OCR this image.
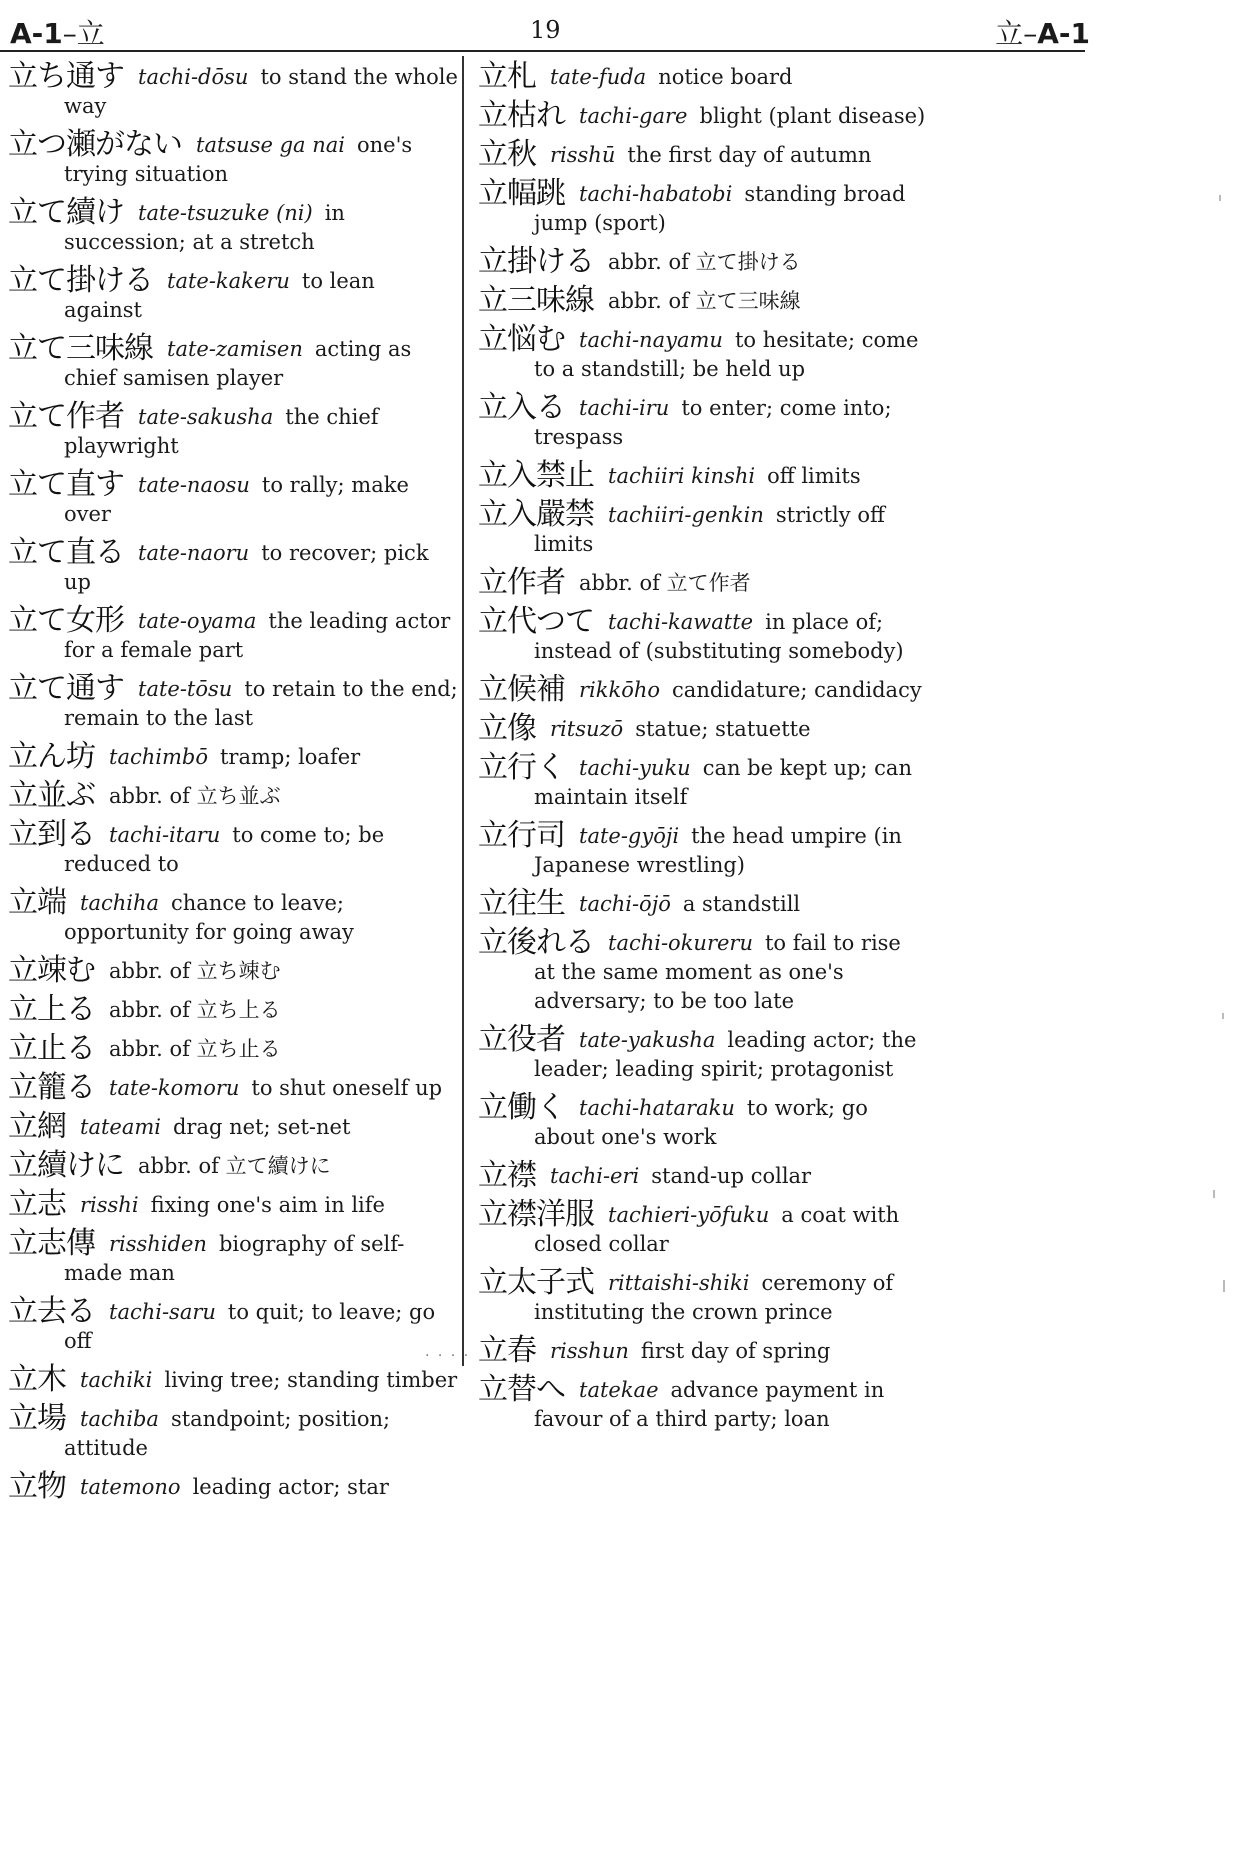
A-1–立	19	立–A-1
立ち通す tachi-dōsu to stand the whole way
立つ瀬がない tatsuse ga nai one's trying situation
立て續け tate-tsuzuke (ni) in succession; at a stretch
立て掛ける tate-kakeru to lean against
立て三味線 tate-zamisen acting as chief samisen player
立て作者 tate-sakusha the chief playwright
立て直す tate-naosu to rally; make over
立て直る tate-naoru to recover; pick up
立て女形 tate-oyama the leading actor for a female part
立て通す tate-tōsu to retain to the end; remain to the last
立ん坊 tachimbō tramp; loafer
立並ぶ abbr. of 立ち並ぶ
立到る tachi-itaru to come to; be reduced to
立端 tachiha chance to leave; opportunity for going away
立竦む abbr. of 立ち竦む
立上る abbr. of 立ち上る
立止る abbr. of 立ち止る
立籠る tate-komoru to shut oneself up
立網 tateami drag net; set-net
立續けに abbr. of 立て續けに
立志 risshi fixing one's aim in life
立志傳 risshiden biography of self-made man
立去る tachi-saru to quit; to leave; go off
立木 tachiki living tree; standing timber
立場 tachiba standpoint; position; attitude
立物 tatemono leading actor; star
· · · ·
立札 tate-fuda notice board
立枯れ tachi-gare blight (plant disease)
立秋 risshū the first day of autumn
立幅跳 tachi-habatobi standing broad jump (sport)
立掛ける abbr. of 立て掛ける
立三味線 abbr. of 立て三味線
立悩む tachi-nayamu to hesitate; come to a standstill; be held up
立入る tachi-iru to enter; come into; trespass
立入禁止 tachiiri kinshi off limits
立入嚴禁 tachiiri-genkin strictly off limits
立作者 abbr. of 立て作者
立代つて tachi-kawatte in place of; instead of (substituting somebody)
立候補 rikkōho candidature; candidacy
立像 ritsuzō statue; statuette
立行く tachi-yuku can be kept up; can maintain itself
立行司 tate-gyōji the head umpire (in Japanese wrestling)
立往生 tachi-ōjō a standstill
立後れる tachi-okureru to fail to rise at the same moment as one's adversary; to be too late
立役者 tate-yakusha leading actor; the leader; leading spirit; protagonist
立働く tachi-hataraku to work; go about one's work
立襟 tachi-eri stand-up collar
立襟洋服 tachieri-yōfuku a coat with closed collar
立太子式 rittaishi-shiki ceremony of instituting the crown prince
立春 risshun first day of spring
立替へ tatekae advance payment in favour of a third party; loan
